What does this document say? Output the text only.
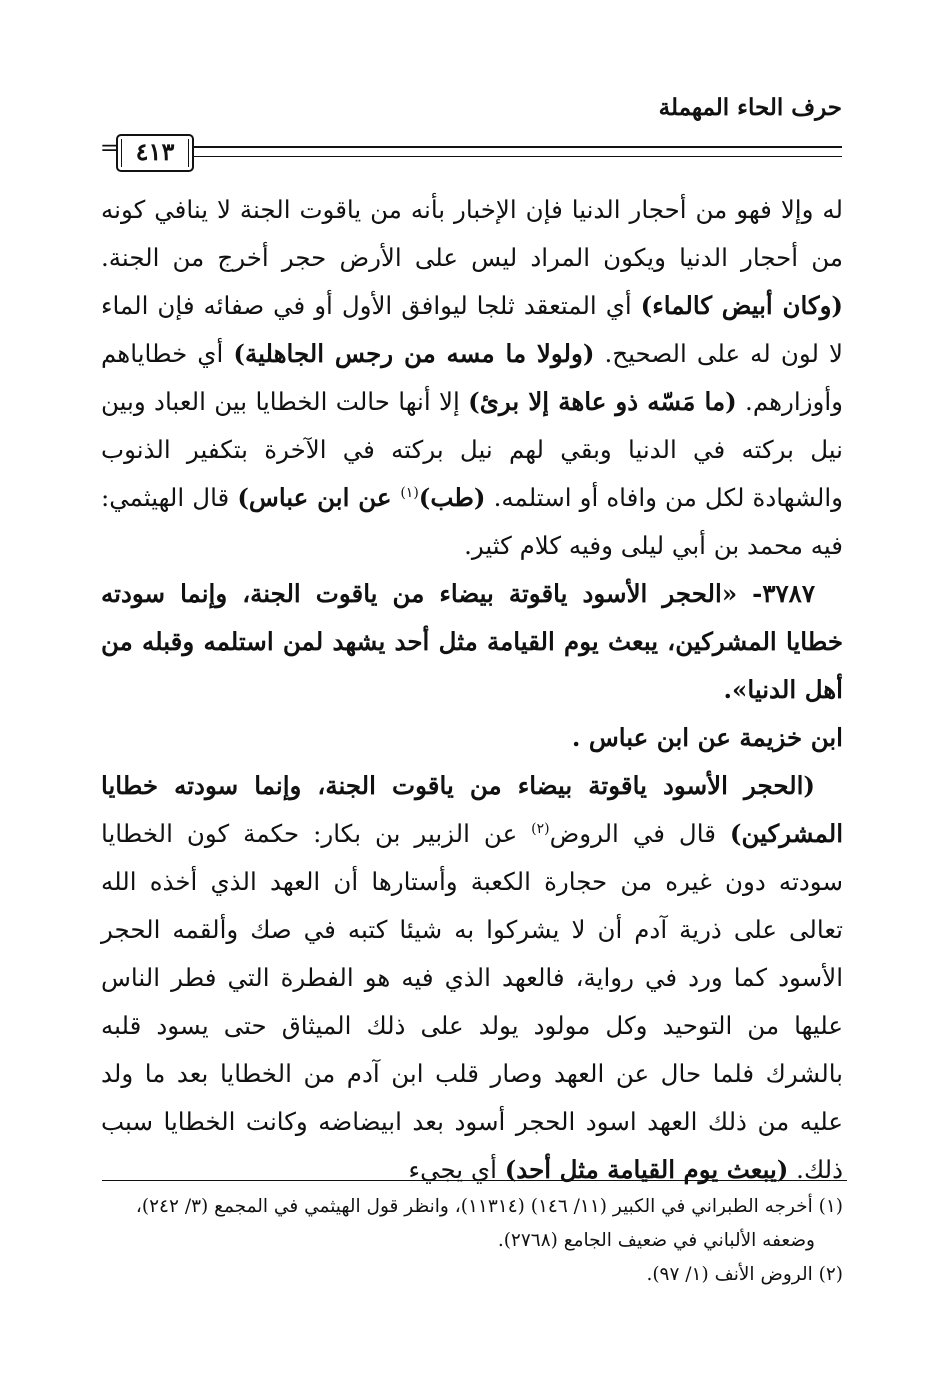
حرف الحاء المهملة
= ٤١٣

له وإلا فهو من أحجار الدنيا فإن الإخبار بأنه من ياقوت الجنة لا ينافي كونه من أحجار الدنيا ويكون المراد ليس على الأرض حجر أخرج من الجنة. (وكان أبيض كالماء) أي المتعقد ثلجا ليوافق الأول أو في صفائه فإن الماء لا لون له على الصحيح. (ولولا ما مسه من رجس الجاهلية) أي خطاياهم وأوزارهم. (ما مَسّه ذو عاهة إلا برئ) إلا أنها حالت الخطايا بين العباد وبين نيل بركته في الدنيا وبقي لهم نيل بركته في الآخرة بتكفير الذنوب والشهادة لكل من وافاه أو استلمه. (طب)$^{(١)}$ عن ابن عباس) قال الهيثمي: فيه محمد بن أبي ليلى وفيه كلام كثير.

٣٧٨٧- «الحجر الأسود ياقوتة بيضاء من ياقوت الجنة، وإنما سودته خطايا المشركين، يبعث يوم القيامة مثل أحد يشهد لمن استلمه وقبله من أهل الدنيا».

ابن خزيمة عن ابن عباس .

(الحجر الأسود ياقوتة بيضاء من ياقوت الجنة، وإنما سودته خطايا المشركين) قال في الروض$^{(٢)}$ عن الزبير بن بكار: حكمة كون الخطايا سودته دون غيره من حجارة الكعبة وأستارها أن العهد الذي أخذه الله تعالى على ذرية آدم أن لا يشركوا به شيئا كتبه في صك وألقمه الحجر الأسود كما ورد في رواية، فالعهد الذي فيه هو الفطرة التي فطر الناس عليها من التوحيد وكل مولود يولد على ذلك الميثاق حتى يسود قلبه بالشرك فلما حال عن العهد وصار قلب ابن آدم من الخطايا بعد ما ولد عليه من ذلك العهد اسود الحجر أسود بعد ابيضاضه وكانت الخطايا سبب ذلك. (يبعث يوم القيامة مثل أحد) أي يجيء

(١) أخرجه الطبراني في الكبير (١١/ ١٤٦) (١١٣١٤)، وانظر قول الهيثمي في المجمع (٣/ ٢٤٢)،

وضعفه الألباني في ضعيف الجامع (٢٧٦٨).

(٢) الروض الأنف (١/ ٩٧).
